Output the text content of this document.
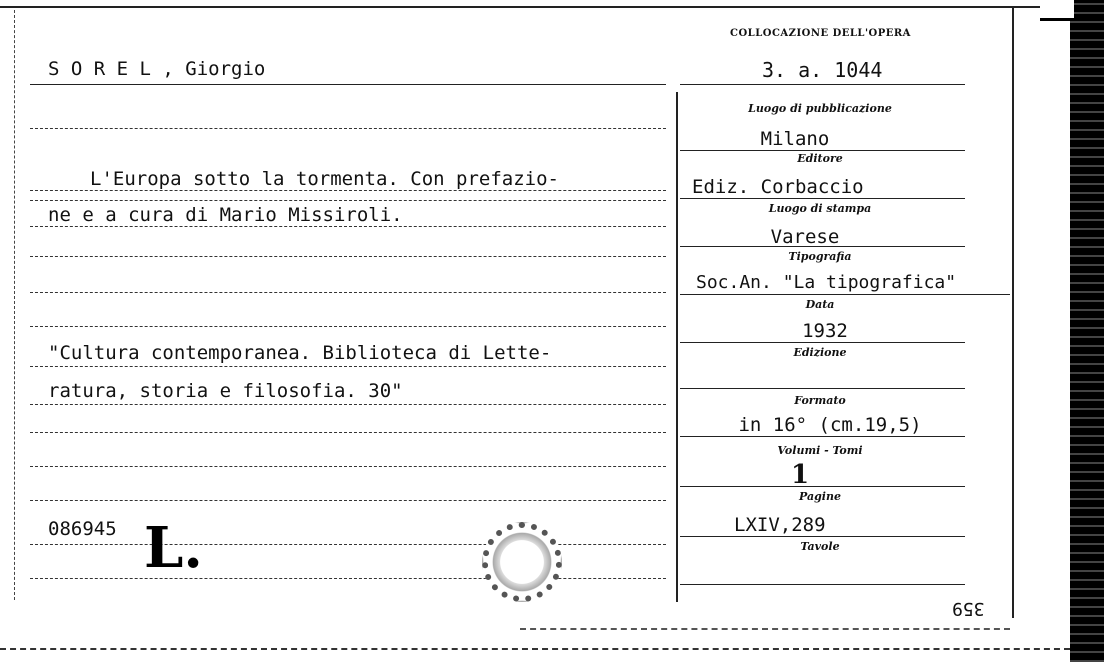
COLLOCAZIONE DELL'OPERA
3. a. 1044
S O R E L , Giorgio
L'Europa sotto la tormenta. Con prefazio-
ne e a cura di Mario Missiroli.
"Cultura contemporanea. Biblioteca di Lette-
ratura, storia e filosofia. 30"
086945 L.
Luogo di pubblicazione
Milano
Editore
Ediz. Corbaccio
Luogo di stampa
Varese
Tipografia
Soc.An. "La tipografica"
Data
1932
Edizione
Formato
in 16° (cm.19,5)
Volumi - Tomi
1
Pagine
LXIV,289
Tavole
359
